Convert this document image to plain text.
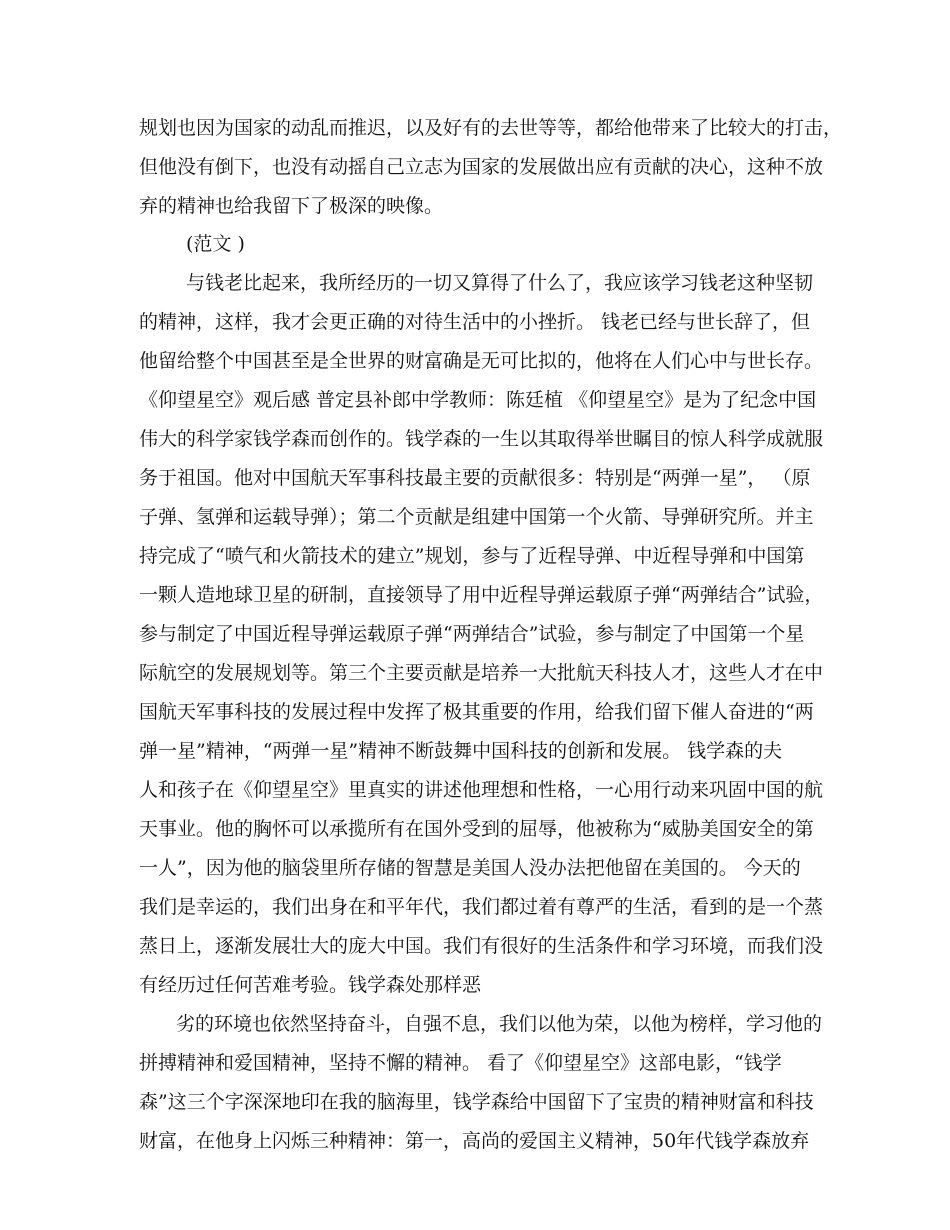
规划也因为国家的动乱而推迟，以及好有的去世等等，都给他带来了比较大的打击，
但他没有倒下，也没有动摇自己立志为国家的发展做出应有贡献的决心，这种不放
弃的精神也给我留下了极深的映像。
(范文 )
与钱老比起来，我所经历的一切又算得了什么了，我应该学习钱老这种坚韧
的精神，这样，我才会更正确的对待生活中的小挫折。 钱老已经与世长辞了，但
他留给整个中国甚至是全世界的财富确是无可比拟的，他将在人们心中与世长存。
《仰望星空》观后感 普定县补郎中学教师：陈廷植 《仰望星空》是为了纪念中国
伟大的科学家钱学森而创作的。钱学森的一生以其取得举世瞩目的惊人科学成就服
务于祖国。他对中国航天军事科技最主要的贡献很多：特别是“两弹一星”， （原
子弹、氢弹和运载导弹）；第二个贡献是组建中国第一个火箭、导弹研究所。并主
持完成了“喷气和火箭技术的建立”规划，参与了近程导弹、中近程导弹和中国第
一颗人造地球卫星的研制，直接领导了用中近程导弹运载原子弹“两弹结合”试验，
参与制定了中国近程导弹运载原子弹“两弹结合”试验，参与制定了中国第一个星
际航空的发展规划等。第三个主要贡献是培养一大批航天科技人才，这些人才在中
国航天军事科技的发展过程中发挥了极其重要的作用，给我们留下催人奋进的“两
弹一星”精神，“两弹一星”精神不断鼓舞中国科技的创新和发展。 钱学森的夫
人和孩子在《仰望星空》里真实的讲述他理想和性格，一心用行动来巩固中国的航
天事业。他的胸怀可以承揽所有在国外受到的屈辱，他被称为“威胁美国安全的第
一人”，因为他的脑袋里所存储的智慧是美国人没办法把他留在美国的。 今天的
我们是幸运的，我们出身在和平年代，我们都过着有尊严的生活，看到的是一个蒸
蒸日上，逐渐发展壮大的庞大中国。我们有很好的生活条件和学习环境，而我们没
有经历过任何苦难考验。钱学森处那样恶
劣的环境也依然坚持奋斗，自强不息，我们以他为荣，以他为榜样，学习他的
拼搏精神和爱国精神，坚持不懈的精神。 看了《仰望星空》这部电影，“钱学
森”这三个字深深地印在我的脑海里，钱学森给中国留下了宝贵的精神财富和科技
财富，在他身上闪烁三种精神：第一，高尚的爱国主义精神，50年代钱学森放弃
